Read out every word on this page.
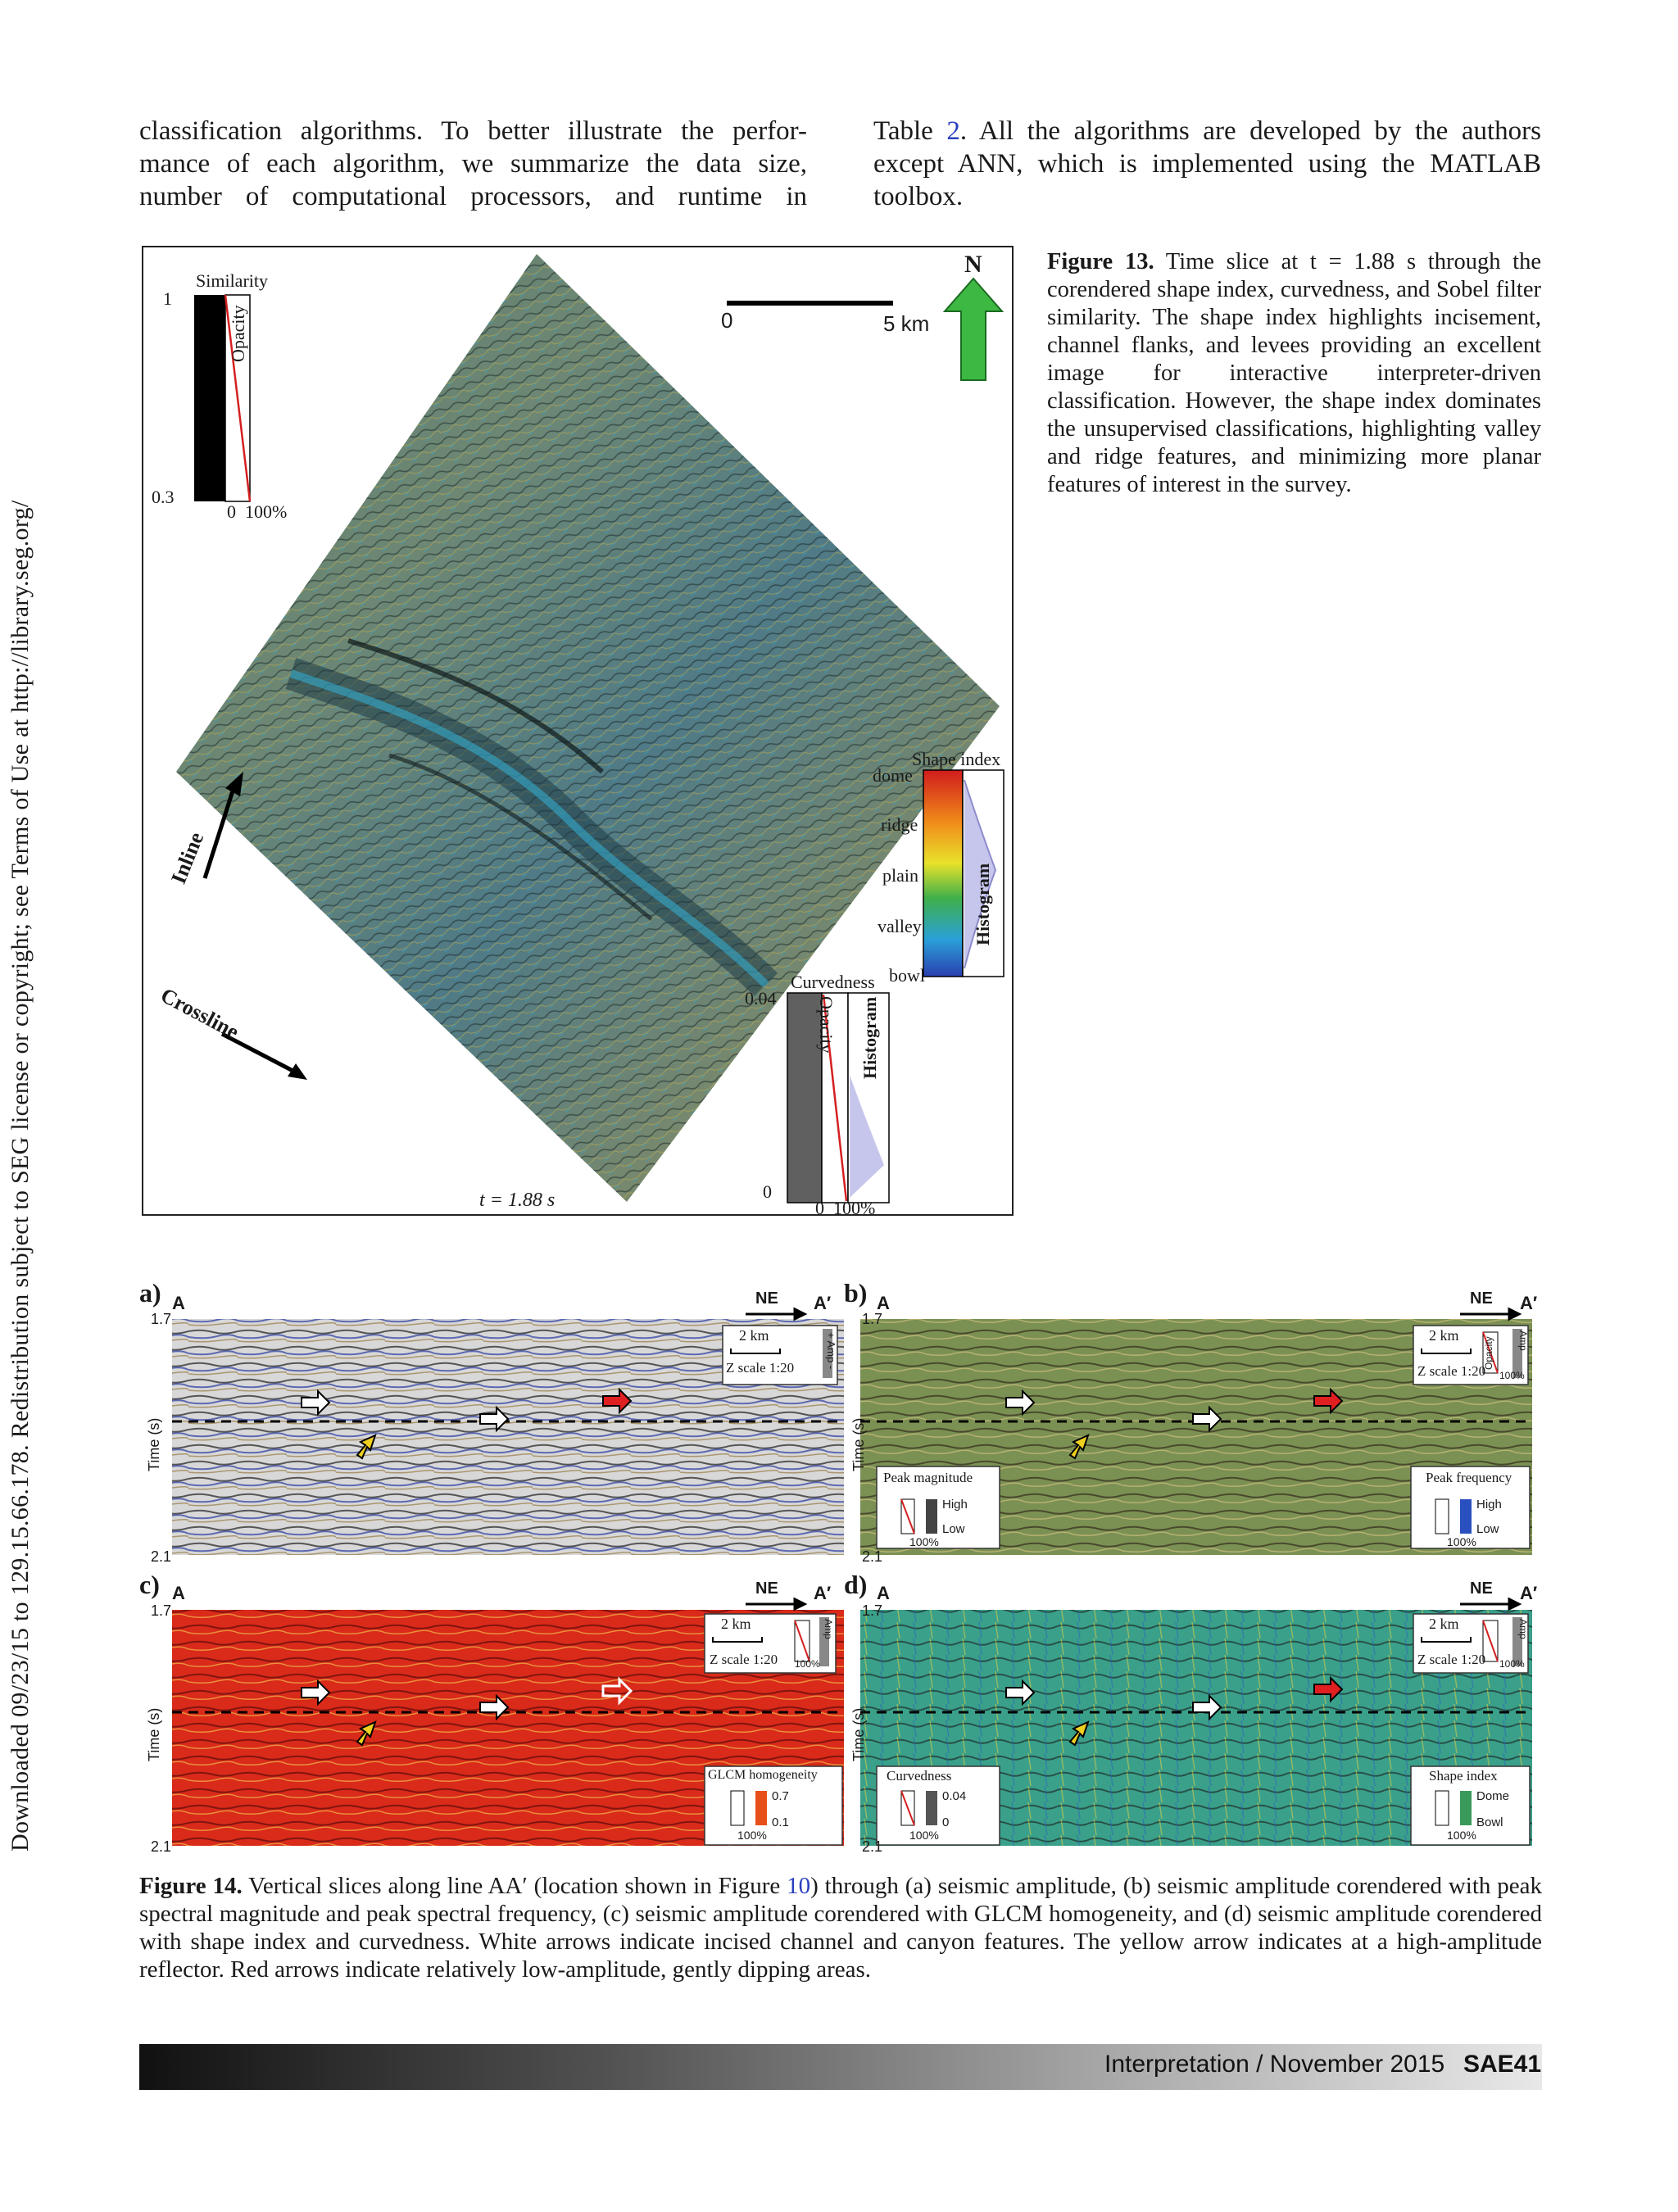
Downloaded 09/23/15 to 129.15.66.178. Redistribution subject to SEG license or copyright; see Terms of Use at http://library.seg.org/
classification algorithms. To better illustrate the perfor-
mance of each algorithm, we summarize the data size,
number of computational processors, and runtime in
Table 2. All the algorithms are developed by the authors
except ANN, which is implemented using the MATLAB
toolbox.
Similarity
1
0.3
Opacity
0 100%
0	5 km
N
Inline
Crossline
t = 1.88 s
Shape index
dome
ridge
plain
valley
bowl
Histogram
Curvedness
0.04
0
Opacity Histogram
0 100%
Figure 13. Time slice at t = 1.88 s through the corendered shape index, curvedness, and Sobel filter similarity. The shape index highlights incisement, channel flanks, and levees providing an excellent image for interactive interpreter-driven classification. However, the shape index dominates the unsupervised classifications, highlighting valley and ridge features, and minimizing more planar features of interest in the survey.
a) A	A′
NE
1.7
2.1
Time (s)
2 km
Z scale 1:20	+ Amp -
b) A	A′
NE
1.7
2.1
Time (s)
2 km
Z scale 1:20 100%
Opacity Amp
Peak magnitude
High
Low
100%
Peak frequency
High
Low
100%
c) A	A′
NE
1.7
2.1
Time (s)
2 km
Z scale 1:20 100%
Amp
GLCM homogeneity
0.7
0.1
100%
d) A	A′
NE
1.7
2.1
Time (s)
2 km
Z scale 1:20 100%
Amp
Curvedness
0.04
0
100%
Shape index
Dome
Bowl
100%
Figure 14. Vertical slices along line AA′ (location shown in Figure 10) through (a) seismic amplitude, (b) seismic amplitude corendered with peak spectral magnitude and peak spectral frequency, (c) seismic amplitude corendered with GLCM homogeneity, and (d) seismic amplitude corendered with shape index and curvedness. White arrows indicate incised channel and canyon features. The yellow arrow indicates at a high-amplitude reflector. Red arrows indicate relatively low-amplitude, gently dipping areas.
Interpretation / November 2015 SAE41
